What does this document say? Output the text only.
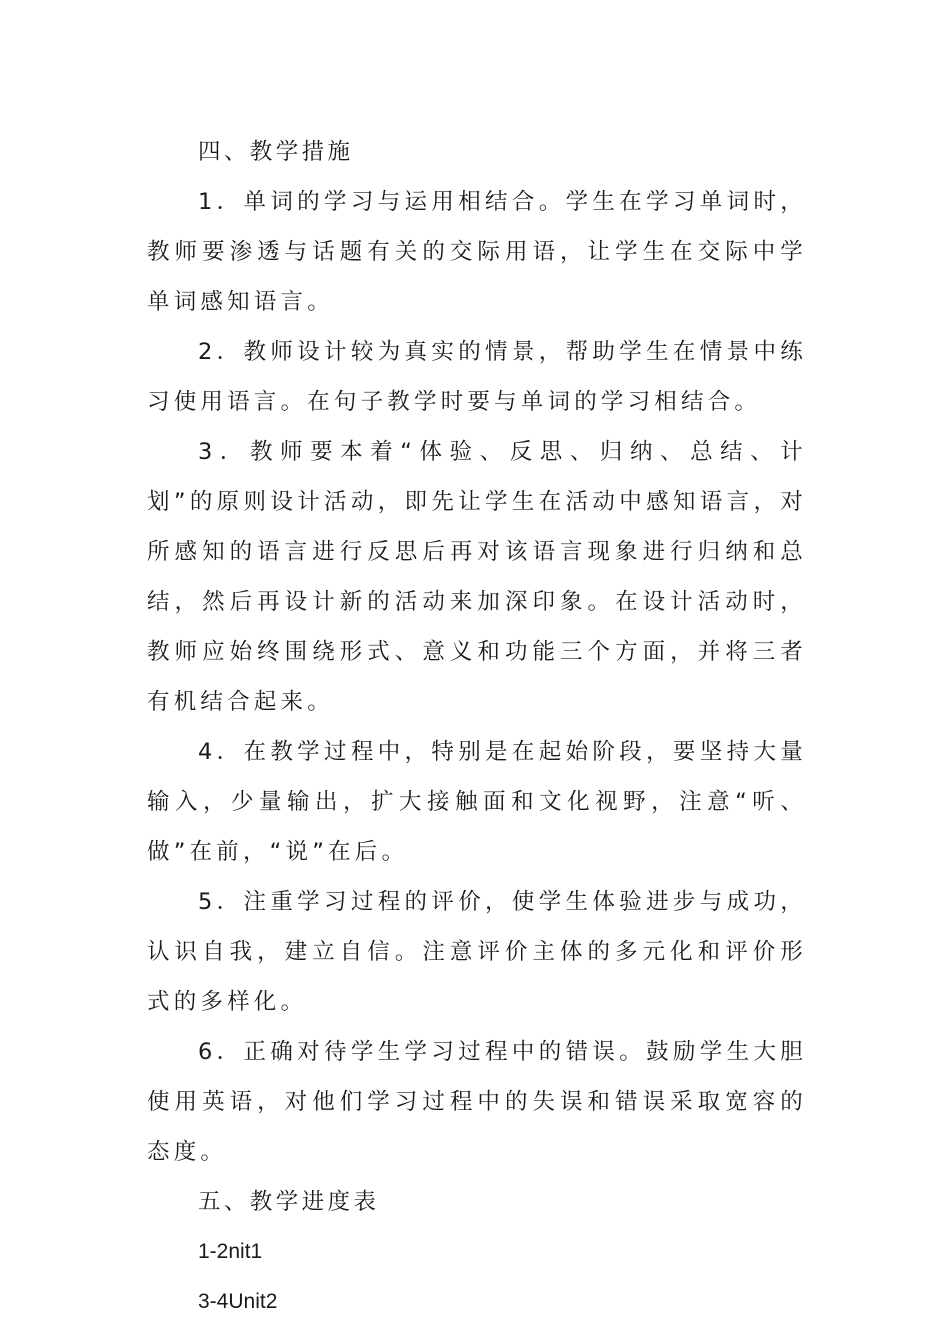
四、教学措施

1．单词的学习与运用相结合。学生在学习单词时，教师要渗透与话题有关的交际用语，让学生在交际中学单词感知语言。

2．教师设计较为真实的情景，帮助学生在情景中练习使用语言。在句子教学时要与单词的学习相结合。

3．教师要本着“体验、反思、归纳、总结、计划”的原则设计活动，即先让学生在活动中感知语言，对所感知的语言进行反思后再对该语言现象进行归纳和总结，然后再设计新的活动来加深印象。在设计活动时，教师应始终围绕形式、意义和功能三个方面，并将三者有机结合起来。

4．在教学过程中，特别是在起始阶段，要坚持大量输入，少量输出，扩大接触面和文化视野，注意“听、做”在前，“说”在后。

5．注重学习过程的评价，使学生体验进步与成功，认识自我，建立自信。注意评价主体的多元化和评价形式的多样化。

6．正确对待学生学习过程中的错误。鼓励学生大胆使用英语，对他们学习过程中的失误和错误采取宽容的态度。

五、教学进度表

1-2nit1

3-4Unit2
